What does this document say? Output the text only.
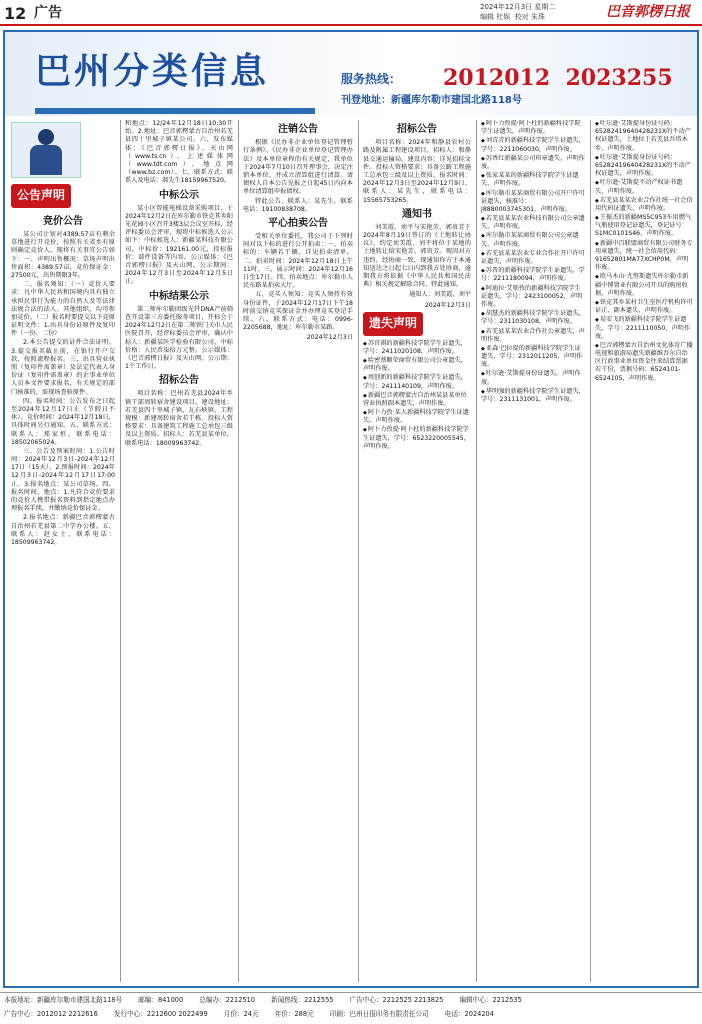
12 广告	2024年12月3日 星期二
编辑 杜娱 校对 朱珠	巴音郭楞日报
巴州分类信息	服务热线： 2012012 2023255
刊登地址：新疆库尔勒市建国北路118号
公告声明
竞价公告

某公司计划对4389.57亩有剩余草地进行开竞价，按照有关省乡有原则确定竞价人，现将有关事宜公告如下：一、声明出售概况：草场声明出售面积：4389.57亩，竞价保证金：27500元，出售期限3年。

二、报名须知：（一）竞价人要求：凡中华人民共和国境内具有独立承担民事行为能力的自然人及等法律法规合法的法人、其他组织，均可参加竞价。（二）报名时要提交以下竞原证明文件：1.出具身份证原件及复印件（一份、二份）

2.本公告提交的证件合法证明。3.提交报名截止前，在银行开户交款，按照流程报名。三、出具营业执照（复印件需盖章）及法定代表人身份证（复印件需盖章）的企事业单位人员本文件要求报名，有关规定的部门核准的，需现场查验原件。

四、报名时间：公告发布之日起至2024年12月17日止（节假日不休）。竞价时间：2024年12月18日，具体时间另行通知。五、联系方式：联系人：郑家恒，联系电话：18502065024。

三、公告及预案时间：1.公告时间：2024年12月3日-2024年12月17日（15天）。2.预报时间：2024年12月3日-2024年12月17日17:00止。3.报名地点：某公司草场。四、报名时间、地点：1.凡符合竞价要求的竞价人携带报名资料到指定地点办理报名手续，并缴纳竞价保证金。

2.报名地点：新疆巴音郭楞蒙古自治州若羌县第二中学办公楼。五、联系人：赵女士，联系电话：18509963742。

和地点：12/24年12月18日10:30开始。2.地址：巴音郭楞蒙古自治州若羌县四十里城子镇某公司。六、发布媒体：《巴音郭楞日报》、天山网（www.ts.cn）、上述媒体网（www.tdt.com）、地点网（www.bz.com）。七、联系方式：联系人及电话：郝先生18159967520。

中标公示

某小区智能电梯设备采购项目，于2024年12月2日在库尔勒市铁克其乡阳光花园小区召开3楼3层会议室开标，经评标委员会评审，现将中标候选人公示如下：中标候选人：新疆某科技有限公司，中标价：192161.00元，投标报价：部件设备等内容。公示媒体：《巴音郭楞日报》及天山网。公示期间：2024年12月3日至2024年12月5日止。

中标结果公示

第二师库尔勒团级光钎DNA产前筛查开设第三方委托服务项目，开标会于2024年12月2日在第二师铁门关市人民医院召开，经评标委员会评审，确认中标人：新疆某医学检验有限公司，中标价格：人民币柒拾万元整。公示媒体：《巴音郭楞日报》及天山网。公示期：1个工作日。

招标公告

项目名称：巴州若羌县2024年乡镇干部周转宿舍建设项目。建设地址：若羌县四十里城子镇、瓦石峡镇。工程规模：新建周转宿舍若干栋。投标人资格要求：具备建筑工程施工总承包三级及以上资质。招标人：若羌县某单位。联系电话：18009963742。

注销公告

根据《民办非企业单位登记管理暂行条例》、《民办非企业单位登记管理办法》及本单位章程的有关规定，我单位于2024年7月10日召开理事会，决定注销本单位，并成立清算组进行清算。请债权人自本公告见报之日起45日内向本单位清算组申报债权。

特此公告。联系人：某先生，联系电话：19100838708。

平心拍卖公告

受相关单位委托，我公司于下列时间对以下标的进行公开拍卖：一、拍卖标的：车辆若干辆，详见拍卖清单。二、拍卖时间：2024年12月18日上午11时。三、展示时间：2024年12月16日至17日。四、拍卖地点：库尔勒市人民东路某拍卖大厅。

五、竞买人须知：竞买人须持有效身份证件，于2024年12月17日下午18时前交纳竞买保证金并办理竞买登记手续。六、联系方式：电话：0996-2205688，地址：库尔勒市某路。

2024年12月3日
招标公告

项目名称：2024年和静县农村公路及附属工程建设项目。招标人：和静县交通运输局。建设内容：详见招标文件。投标人资格要求：具备公路工程施工总承包三级及以上资质。报名时间：2024年12月3日至2024年12月9日。联系人：某先生，联系电话：15565753265。

通知书

刘美霞、刘平与宋艳芳、郭贵芳于2024年8月19日签订的《土地转让协议》，约定刘美霞、刘平将位于某地的土地转让给宋艳芳、郭贵芳。现因对方违约，经协商一致，现通知你方于本通知送达之日起七日内到我方处协商，逾期我方将依据《中华人民共和国民法典》相关规定解除合同。特此通知。

通知人：刘美霞、刘平
2024年12月3日
遗失声明
◆ 苏官祺的新疆科技学院学生证遗失，学号：2411020108，声明作废。
◆ 哈密蔡顺荣商贸有限公司公章遗失，声明作废。
◆ 周创新的新疆科技学院学生证遗失，学号：2411140109，声明作废。
◆ 新疆巴音郭楞蒙古自治州某县某单位营业执照副本遗失，声明作废。
◆ 阿卜力孜·某人新疆科技学院学生证遗失，声明作废。
◆ 阿卜力孜提·阿卜杜的新疆科技学院学生证遗失，学号：6523220005545，声明作废。
◆ 阿卜力孜提·阿卜杜的新疆科技学院学生证遗失，声明作废。
◆ 刘青青的新疆科技学院学生证遗失，学号：2211060030，声明作废。
◆ 苏香红新疆某公司印章遗失，声明作废。
◆ 张家某某的新疆科技学院学生证遗失，声明作废。
◆ 库尔勒市某某商贸有限公司开户许可证遗失，核准号：J8880003745301，声明作废。
◆ 若羌县某某农业科技有限公司公章遗失，声明作废。
◆ 库尔勒市某某商贸有限公司公章遗失，声明作废。
◆ 若羌县某某农业专业合作社开户许可证遗失，声明作废。
◆ 苏晋的新疆科技学院学生证遗失，学号：2211180094，声明作废。
◆ 阿迪拉·艾则孜的新疆科技学院学生证遗失，学号：2423100052，声明作废。
◆ 胡慧杰的新疆科技学院学生证遗失，学号：2311030108，声明作废。
◆ 若羌县某某农业合作社公章遗失，声明作废。
◆ 亚森·巴拉提的新疆科技学院学生证遗失，学号：2312011205，声明作废。
◆ 吐尔逊·艾斯提身份证遗失，声明作废。
◆ 华明强的新疆科技学院学生证遗失，学号：2311131001，声明作废。
◆ 吐尔逊·艾斯提身份证号码：65282419640428231X的不动产权证遗失，土地位于若羌县吾塔木乡，声明作废。
◆ 吐尔逊·艾斯提身份证号码：65282419640428231X的不动产权证遗失，声明作废。
◆ 吐尔逊·艾斯提不动产权证书遗失，声明作废。
◆ 若羌县某某农业合作社统一社会信用代码证遗失，声明作废。
◆ 王振杰的新疆MS5C953车用燃气气瓶使用登记证遗失，登记证号：S1MC0101S46，声明作废。
◆ 新疆中百联盟商贸有限公司财务专用章遗失，统一社会信用代码：91652801MA77XCHP0M，声明作废。
◆ 欧马木山·尤努斯遗失库尔勒市新疆中博置业有限公司开具的购房收据，声明作废。
◆ 铁克其乡某村卫生室医疗机构许可证正、副本遗失，声明作废。
◆ 易安飞的新疆科技学院学生证遗失，学号：2211110050，声明作废。
◆ 巴音郭楞蒙古自治州文化体育广播电视和旅游局遗失新疆维吾尔自治区行政事业单位资金往来结算票据若干份，票据号码：6524101-6524105，声明作废。
本报地址：新疆库尔勒市建国北路118号 邮编：841000 总编办：2212510 新闻热线：2212555 广告中心：2212525 2213825 编辑中心：2212535
广告中心：2012012 2212616 发行中心：2212600 2022499 月价：24元 年价：288元 印刷：巴州日报印务有限责任公司 电话：2024204
